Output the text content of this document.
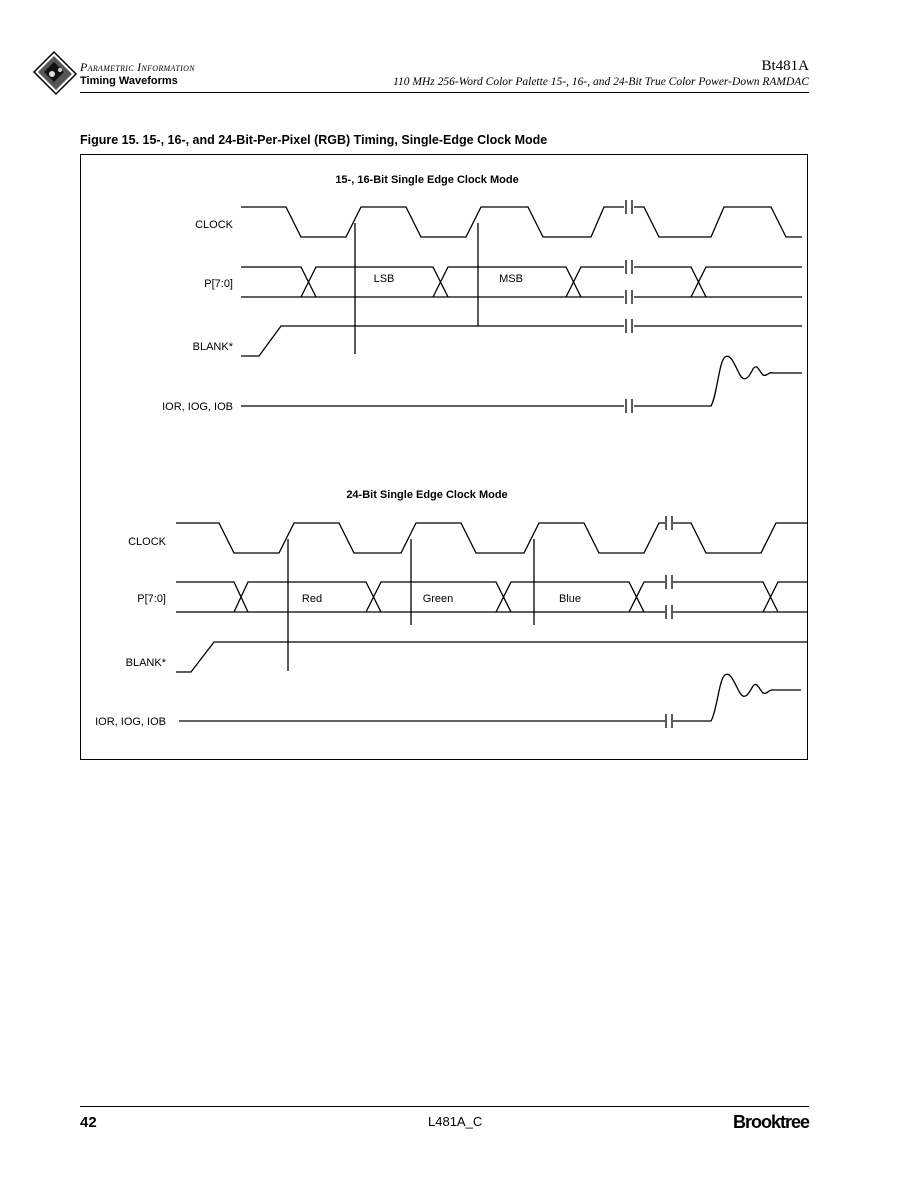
Parametric Information
Timing Waveforms
Bt481A
110 MHz 256-Word Color Palette 15-, 16-, and 24-Bit True Color Power-Down RAMDAC
Figure 15. 15-, 16-, and 24-Bit-Per-Pixel (RGB) Timing, Single-Edge Clock Mode
15-, 16-Bit Single Edge Clock Mode
CLOCK
P[7:0]
BLANK*
IOR, IOG, IOB
LSB	MSB
24-Bit Single Edge Clock Mode
CLOCK
P[7:0]
BLANK*
IOR, IOG, IOB
Red	Green	Blue
42	L481A_C	Brooktree
